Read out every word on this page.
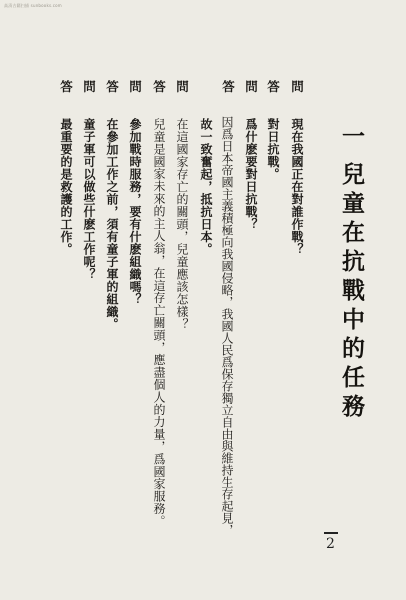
高清古籍扫描 sunbooks.com
一
兒童在抗戰中的任務
問
現在我國正在對誰作戰？
答
對日抗戰。
問
爲什麽要對日抗戰？
答
因爲日本帝國主義積極向我國侵略，我國人民爲保存獨立自由與維持生存起見，
故一致奮起，抵抗日本。
問
在這國家存亡的關頭，兒童應該怎樣？
答
兒童是國家未來的主人翁，在這存亡關頭，應盡個人的力量，爲國家服務。
問
參加戰時服務，要有什麽組織嗎？
答
在參加工作之前，須有童子軍的組織。
問
童子軍可以做些什麽工作呢？
答
最重要的是救護的工作。
2
